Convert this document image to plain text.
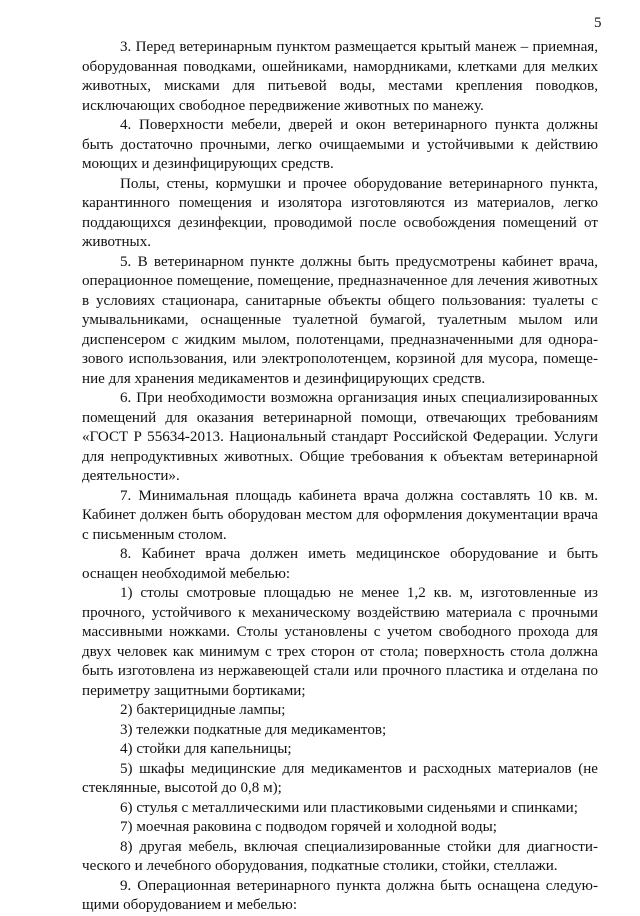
5

3. Перед ветеринарным пунктом размещается крытый манеж – приемная, оборудованная поводками, ошейниками, намордниками, клетками для мелких животных, мисками для питьевой воды, местами крепления поводков, исключающих свободное передвижение животных по манежу.

4. Поверхности мебели, дверей и окон ветеринарного пункта должны быть достаточно прочными, легко очищаемыми и устойчивыми к действию моющих и дезинфицирующих средств.

Полы, стены, кормушки и прочее оборудование ветеринарного пункта, карантинного помещения и изолятора изготовляются из материалов, легко поддающихся дезинфекции, проводимой после освобождения помещений от животных.

5. В ветеринарном пункте должны быть предусмотрены кабинет врача, операционное помещение, помещение, предназначенное для лечения животных в условиях стационара, санитарные объекты общего пользования: туалеты с умывальниками, оснащенные туалетной бумагой, туалетным мылом или диспенсером с жидким мылом, полотенцами, предназначенными для одноразового использования, или электрополотенцем, корзиной для мусора, помещение для хранения медикаментов и дезинфицирующих средств.

6. При необходимости возможна организация иных специализированных помещений для оказания ветеринарной помощи, отвечающих требованиям «ГОСТ Р 55634-2013. Национальный стандарт Российской Федерации. Услуги для непродуктивных животных. Общие требования к объектам ветеринарной деятельности».

7. Минимальная площадь кабинета врача должна составлять 10 кв. м. Кабинет должен быть оборудован местом для оформления документации врача с письменным столом.

8. Кабинет врача должен иметь медицинское оборудование и быть оснащен необходимой мебелью:

1) столы смотровые площадью не менее 1,2 кв. м, изготовленные из прочного, устойчивого к механическому воздействию материала с прочными массивными ножками. Столы установлены с учетом свободного прохода для двух человек как минимум с трех сторон от стола; поверхность стола должна быть изготовлена из нержавеющей стали или прочного пластика и отделана по периметру защитными бортиками;

2) бактерицидные лампы;

3) тележки подкатные для медикаментов;

4) стойки для капельницы;

5) шкафы медицинские для медикаментов и расходных материалов (не стеклянные, высотой до 0,8 м);

6) стулья с металлическими или пластиковыми сиденьями и спинками;

7) моечная раковина с подводом горячей и холодной воды;

8) другая мебель, включая специализированные стойки для диагностического и лечебного оборудования, подкатные столики, стойки, стеллажи.

9. Операционная ветеринарного пункта должна быть оснащена следующими оборудованием и мебелью:
